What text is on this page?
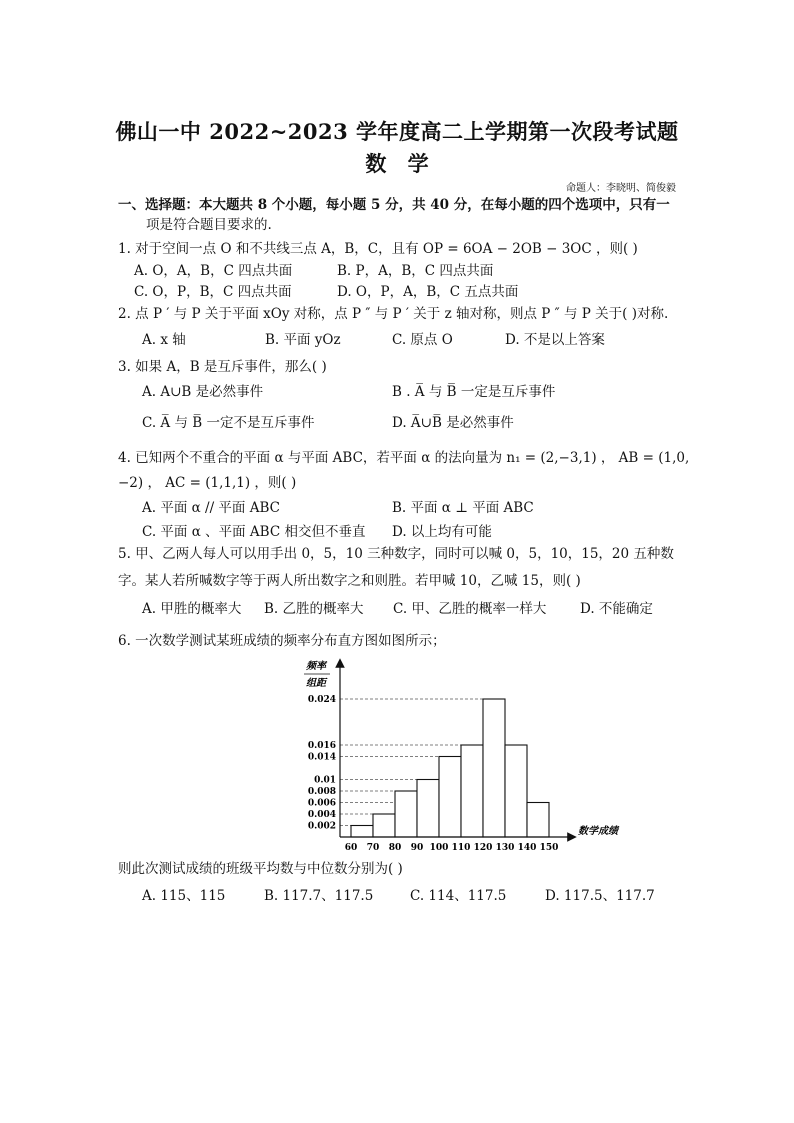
佛山一中 2022~2023 学年度高二上学期第一次段考试题
数 学
命题人：李晓明、简俊毅
一、选择题：本大题共 8 个小题，每小题 5 分，共 40 分，在每小题的四个选项中，只有一
项是符合题目要求的.
1. 对于空间一点 O 和不共线三点 A，B，C，且有 OP = 6OA − 2OB − 3OC ，则( )
A. O，A，B，C 四点共面	B. P，A，B，C 四点共面
C. O，P，B，C 四点共面	D. O，P，A，B，C 五点共面
2. 点 P ′ 与 P 关于平面 xOy 对称，点 P ″ 与 P ′ 关于 z 轴对称，则点 P ″ 与 P 关于( )对称.
A. x 轴	B. 平面 yOz	C. 原点 O	D. 不是以上答案
3. 如果 A，B 是互斥事件，那么( )
A. A∪B 是必然事件	B . A̅ 与 B̅ 一定是互斥事件
C. A̅ 与 B̅ 一定不是互斥事件	D. A̅∪B̅ 是必然事件
4. 已知两个不重合的平面 α 与平面 ABC，若平面 α 的法向量为 n₁ = (2,−3,1) ， AB = (1,0,
−2) ， AC = (1,1,1) ，则( )
A. 平面 α // 平面 ABC	B. 平面 α ⊥ 平面 ABC
C. 平面 α 、平面 ABC 相交但不垂直 D. 以上均有可能
5. 甲、乙两人每人可以用手出 0，5，10 三种数字，同时可以喊 0，5，10，15，20 五种数
字。某人若所喊数字等于两人所出数字之和则胜。若甲喊 10，乙喊 15，则( )
A. 甲胜的概率大 B. 乙胜的概率大 C. 甲、乙胜的概率一样大 D. 不能确定
6. 一次数学测试某班成绩的频率分布直方图如图所示；
频率
组距
数学成绩
0.002
0.004
0.006
0.008
0.01
0.014
0.016
0.024
60 70 80 90 100 110 120 130 140 150
则此次测试成绩的班级平均数与中位数分别为( )
A. 115、115	B. 117.7、117.5	C. 114、117.5	D. 117.5、117.7
